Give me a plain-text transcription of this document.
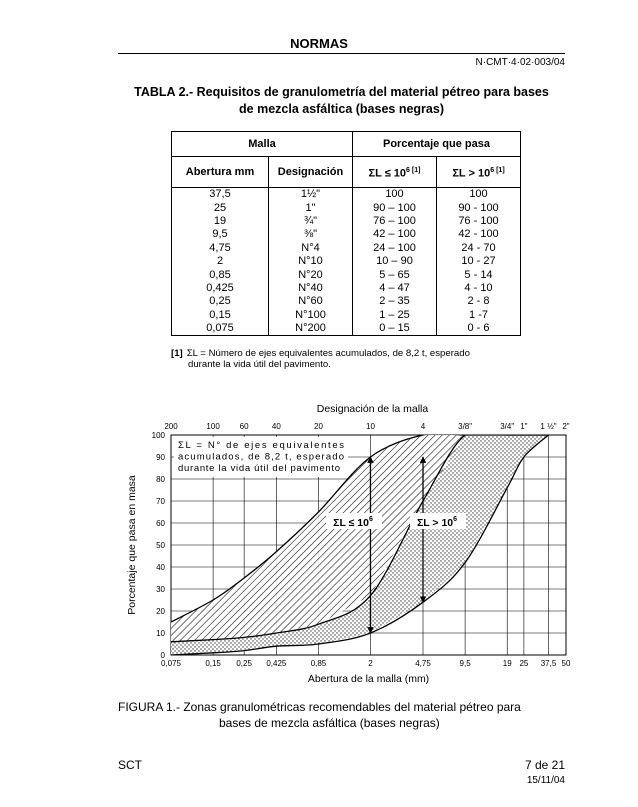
NORMAS
N·CMT·4·02·003/04
TABLA 2.- Requisitos de granulometría del material pétreo para bases
de mezcla asfáltica (bases negras)
Malla		Porcentaje que pasa	
Abertura mm	Designación	$\Sigma L \le 10^{6 [1]}$	$\Sigma L > 10^{6 [1]}$
37,5	1½"	100	100
25	1"	90 – 100	90 - 100
19	¾"	76 – 100	76 - 100
9,5	⅜"	42 – 100	42 - 100
4,75	N°4	24 – 100	24 - 70
2	N°10	10 – 90	10 - 27
0,85	N°20	5 – 65	5 - 14
0,425	N°40	4 – 47	4 - 10
0,25	N°60	2 – 35	2 - 8
0,15	N°100	1 – 25	1 -7
0,075	N°200	0 – 15	0 - 6
[1] ΣL = Número de ejes equivalentes acumulados, de 8,2 t, esperado
durante la vida útil del pavimento.
0
10
20
30
40
50
60
70
80
90
100
0,075	0,15 0,25 0,425	0,85	2	4,75	9,5	19 25 37,5 50
200	100 60	40	20	10	4	3/8"	3/4" 1" 1 ½" 2"
ΣL = N° de ejes equivalentes
acumulados, de 8,2 t, esperado
durante la vida útil del pavimento
$\Sigma L \le 10^6$	$\Sigma L > 10^6$
Designación de la malla
Abertura de la malla (mm)
Porcentaje que pasa en masa
FIGURA 1.- Zonas granulométricas recomendables del material pétreo para
bases de mezcla asfáltica (bases negras)
SCT	7 de 21
15/11/04
